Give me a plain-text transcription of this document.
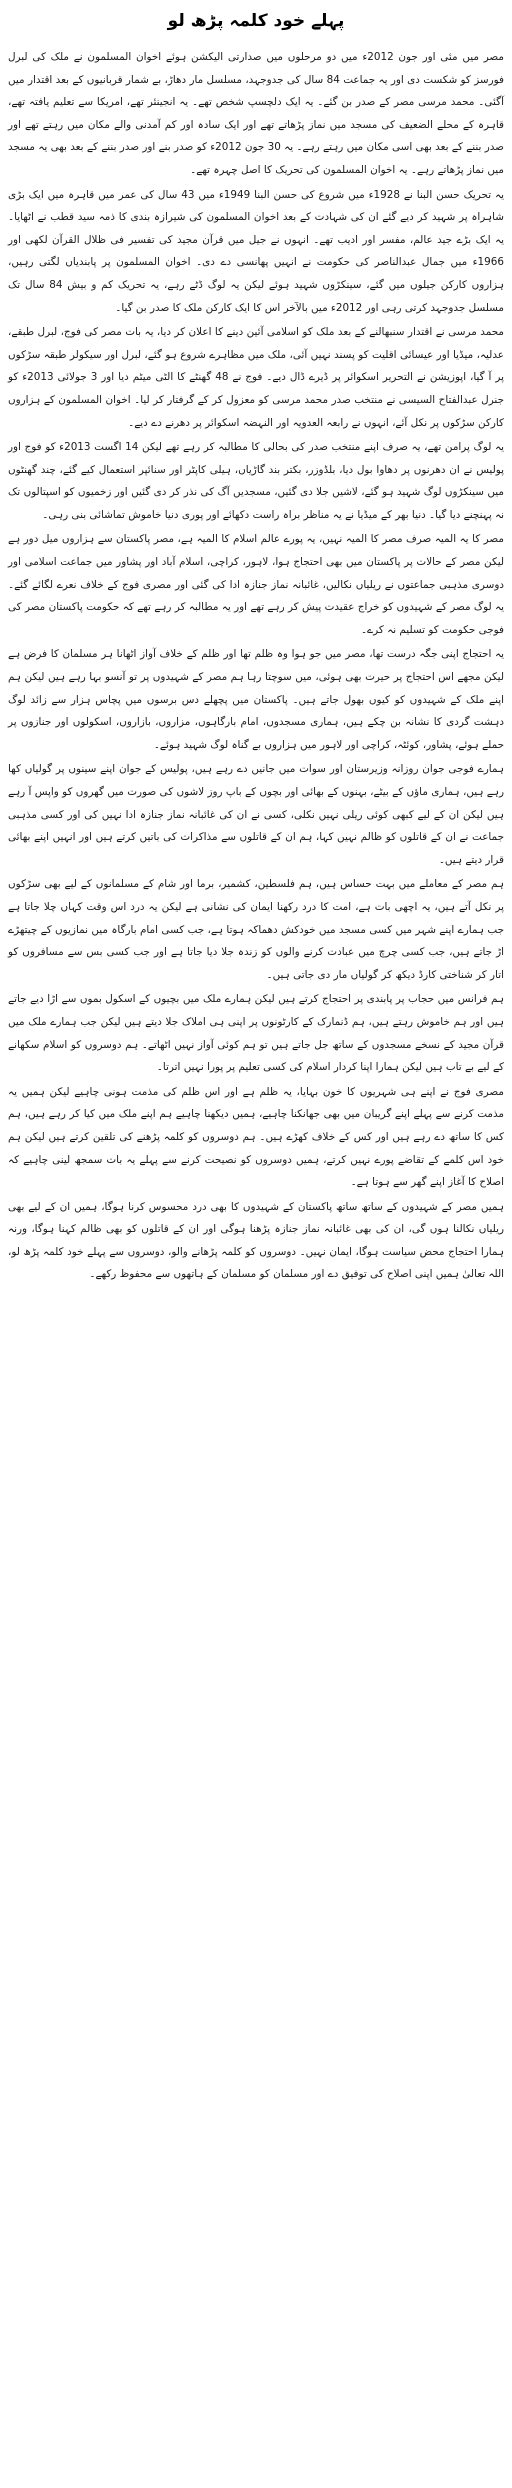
پہلے خود کلمہ پڑھ لو

مصر میں مئی اور جون 2012ء میں دو مرحلوں میں صدارتی الیکشن ہوئے اخوان المسلمون نے ملک کی لبرل فورسز کو شکست دی اور یہ جماعت 84 سال کی جدوجہد، مسلسل مار دھاڑ، بے شمار قربانیوں کے بعد اقتدار میں آگئی۔ محمد مرسی مصر کے صدر بن گئے۔ یہ ایک دلچسپ شخص تھے۔ یہ انجینئر تھے، امریکا سے تعلیم یافتہ تھے، قاہرہ کے محلے الضعیف کی مسجد میں نماز پڑھاتے تھے اور ایک سادہ اور کم آمدنی والے مکان میں رہتے تھے اور صدر بننے کے بعد بھی اسی مکان میں رہتے رہے۔ یہ 30 جون 2012ء کو صدر بنے اور صدر بننے کے بعد بھی یہ مسجد میں نماز پڑھاتے رہے۔ یہ اخوان المسلمون کی تحریک کا اصل چہرہ تھے۔

یہ تحریک حسن البنا نے 1928ء میں شروع کی حسن البنا 1949ء میں 43 سال کی عمر میں قاہرہ میں ایک بڑی شاہراہ پر شہید کر دیے گئے ان کی شہادت کے بعد اخوان المسلمون کی شیرازہ بندی کا ذمہ سید قطب نے اٹھایا۔ یہ ایک بڑے جید عالم، مفسر اور ادیب تھے۔ انہوں نے جیل میں قرآن مجید کی تفسیر فی ظلال القرآن لکھی اور 1966ء میں جمال عبدالناصر کی حکومت نے انہیں پھانسی دے دی۔ اخوان المسلمون پر پابندیاں لگتی رہیں، ہزاروں کارکن جیلوں میں گئے، سینکڑوں شہید ہوئے لیکن یہ لوگ ڈٹے رہے، یہ تحریک کم و بیش 84 سال تک مسلسل جدوجہد کرتی رہی اور 2012ء میں بالآخر اس کا ایک کارکن ملک کا صدر بن گیا۔

محمد مرسی نے اقتدار سنبھالنے کے بعد ملک کو اسلامی آئین دینے کا اعلان کر دیا، یہ بات مصر کی فوج، لبرل طبقے، عدلیہ، میڈیا اور عیسائی اقلیت کو پسند نہیں آئی، ملک میں مظاہرے شروع ہو گئے، لبرل اور سیکولر طبقہ سڑکوں پر آ گیا، اپوزیشن نے التحریر اسکوائر پر ڈیرے ڈال دیے۔ فوج نے 48 گھنٹے کا الٹی میٹم دیا اور 3 جولائی 2013ء کو جنرل عبدالفتاح السیسی نے منتخب صدر محمد مرسی کو معزول کر کے گرفتار کر لیا۔ اخوان المسلمون کے ہزاروں کارکن سڑکوں پر نکل آئے، انہوں نے رابعہ العدویہ اور النہضہ اسکوائر پر دھرنے دے دیے۔

یہ لوگ پرامن تھے، یہ صرف اپنے منتخب صدر کی بحالی کا مطالبہ کر رہے تھے لیکن 14 اگست 2013ء کو فوج اور پولیس نے ان دھرنوں پر دھاوا بول دیا، بلڈوزر، بکتر بند گاڑیاں، ہیلی کاپٹر اور سنائپر استعمال کیے گئے، چند گھنٹوں میں سینکڑوں لوگ شہید ہو گئے، لاشیں جلا دی گئیں، مسجدیں آگ کی نذر کر دی گئیں اور زخمیوں کو اسپتالوں تک نہ پہنچنے دیا گیا۔ دنیا بھر کے میڈیا نے یہ مناظر براہ راست دکھائے اور پوری دنیا خاموش تماشائی بنی رہی۔

مصر کا یہ المیہ صرف مصر کا المیہ نہیں، یہ پورے عالم اسلام کا المیہ ہے، مصر پاکستان سے ہزاروں میل دور ہے لیکن مصر کے حالات پر پاکستان میں بھی احتجاج ہوا، لاہور، کراچی، اسلام آباد اور پشاور میں جماعت اسلامی اور دوسری مذہبی جماعتوں نے ریلیاں نکالیں، غائبانہ نماز جنازہ ادا کی گئی اور مصری فوج کے خلاف نعرے لگائے گئے۔ یہ لوگ مصر کے شہیدوں کو خراج عقیدت پیش کر رہے تھے اور یہ مطالبہ کر رہے تھے کہ حکومت پاکستان مصر کی فوجی حکومت کو تسلیم نہ کرے۔

یہ احتجاج اپنی جگہ درست تھا، مصر میں جو ہوا وہ ظلم تھا اور ظلم کے خلاف آواز اٹھانا ہر مسلمان کا فرض ہے لیکن مجھے اس احتجاج پر حیرت بھی ہوئی، میں سوچتا رہا ہم مصر کے شہیدوں پر تو آنسو بہا رہے ہیں لیکن ہم اپنے ملک کے شہیدوں کو کیوں بھول جاتے ہیں۔ پاکستان میں پچھلے دس برسوں میں پچاس ہزار سے زائد لوگ دہشت گردی کا نشانہ بن چکے ہیں، ہماری مسجدوں، امام بارگاہوں، مزاروں، بازاروں، اسکولوں اور جنازوں پر حملے ہوئے، پشاور، کوئٹہ، کراچی اور لاہور میں ہزاروں بے گناہ لوگ شہید ہوئے۔

ہمارے فوجی جوان روزانہ وزیرستان اور سوات میں جانیں دے رہے ہیں، پولیس کے جوان اپنے سینوں پر گولیاں کھا رہے ہیں، ہماری ماؤں کے بیٹے، بہنوں کے بھائی اور بچوں کے باپ روز لاشوں کی صورت میں گھروں کو واپس آ رہے ہیں لیکن ان کے لیے کبھی کوئی ریلی نہیں نکلی، کسی نے ان کی غائبانہ نماز جنازہ ادا نہیں کی اور کسی مذہبی جماعت نے ان کے قاتلوں کو ظالم نہیں کہا، ہم ان کے قاتلوں سے مذاکرات کی باتیں کرتے ہیں اور انہیں اپنے بھائی قرار دیتے ہیں۔

ہم مصر کے معاملے میں بہت حساس ہیں، ہم فلسطین، کشمیر، برما اور شام کے مسلمانوں کے لیے بھی سڑکوں پر نکل آتے ہیں، یہ اچھی بات ہے، امت کا درد رکھنا ایمان کی نشانی ہے لیکن یہ درد اس وقت کہاں چلا جاتا ہے جب ہمارے اپنے شہر میں کسی مسجد میں خودکش دھماکہ ہوتا ہے، جب کسی امام بارگاہ میں نمازیوں کے چیتھڑے اڑ جاتے ہیں، جب کسی چرچ میں عبادت کرنے والوں کو زندہ جلا دیا جاتا ہے اور جب کسی بس سے مسافروں کو اتار کر شناختی کارڈ دیکھ کر گولیاں مار دی جاتی ہیں۔

ہم فرانس میں حجاب پر پابندی پر احتجاج کرتے ہیں لیکن ہمارے ملک میں بچیوں کے اسکول بموں سے اڑا دیے جاتے ہیں اور ہم خاموش رہتے ہیں، ہم ڈنمارک کے کارٹونوں پر اپنی ہی املاک جلا دیتے ہیں لیکن جب ہمارے ملک میں قرآن مجید کے نسخے مسجدوں کے ساتھ جل جاتے ہیں تو ہم کوئی آواز نہیں اٹھاتے۔ ہم دوسروں کو اسلام سکھانے کے لیے بے تاب ہیں لیکن ہمارا اپنا کردار اسلام کی کسی تعلیم پر پورا نہیں اترتا۔

مصری فوج نے اپنے ہی شہریوں کا خون بہایا، یہ ظلم ہے اور اس ظلم کی مذمت ہونی چاہیے لیکن ہمیں یہ مذمت کرنے سے پہلے اپنے گریبان میں بھی جھانکنا چاہیے، ہمیں دیکھنا چاہیے ہم اپنے ملک میں کیا کر رہے ہیں، ہم کس کا ساتھ دے رہے ہیں اور کس کے خلاف کھڑے ہیں۔ ہم دوسروں کو کلمہ پڑھنے کی تلقین کرتے ہیں لیکن ہم خود اس کلمے کے تقاضے پورے نہیں کرتے، ہمیں دوسروں کو نصیحت کرنے سے پہلے یہ بات سمجھ لینی چاہیے کہ اصلاح کا آغاز اپنے گھر سے ہوتا ہے۔

ہمیں مصر کے شہیدوں کے ساتھ ساتھ پاکستان کے شہیدوں کا بھی درد محسوس کرنا ہوگا، ہمیں ان کے لیے بھی ریلیاں نکالنا ہوں گی، ان کی بھی غائبانہ نماز جنازہ پڑھنا ہوگی اور ان کے قاتلوں کو بھی ظالم کہنا ہوگا، ورنہ ہمارا احتجاج محض سیاست ہوگا، ایمان نہیں۔ دوسروں کو کلمہ پڑھانے والو، دوسروں سے پہلے خود کلمہ پڑھ لو، اللہ تعالیٰ ہمیں اپنی اصلاح کی توفیق دے اور مسلمان کو مسلمان کے ہاتھوں سے محفوظ رکھے۔
